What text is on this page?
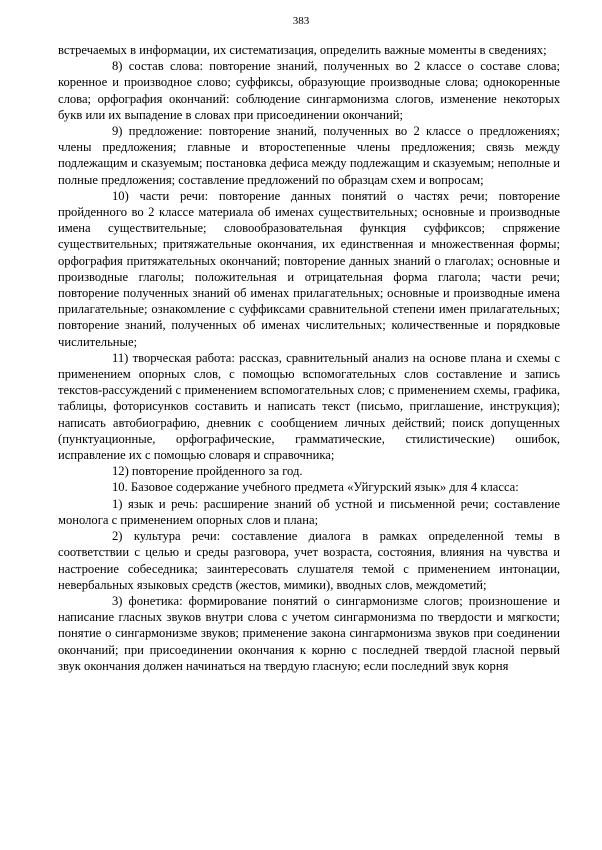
383

встречаемых в информации, их систематизация, определить важные моменты в сведениях;

8) состав слова: повторение знаний, полученных во 2 классе о составе слова; коренное и производное слово; суффиксы, образующие производные слова; однокоренные слова; орфография окончаний: соблюдение сингармонизма слогов, изменение некоторых букв или их выпадение в словах при присоединении окончаний;

9) предложение: повторение знаний, полученных во 2 классе о предложениях; члены предложения; главные и второстепенные члены предложения; связь между подлежащим и сказуемым; постановка дефиса между подлежащим и сказуемым; неполные и полные предложения; составление предложений по образцам схем и вопросам;

10) части речи: повторение данных понятий о частях речи; повторение пройденного во 2 классе материала об именах существительных; основные и производные имена существительные; словообразовательная функция суффиксов; спряжение существительных; притяжательные окончания, их единственная и множественная формы; орфография притяжательных окончаний; повторение данных знаний о глаголах; основные и производные глаголы; положительная и отрицательная форма глагола; части речи; повторение полученных знаний об именах прилагательных; основные и производные имена прилагательные; ознакомление с суффиксами сравнительной степени имен прилагательных; повторение знаний, полученных об именах числительных; количественные и порядковые числительные;

11) творческая работа: рассказ, сравнительный анализ на основе плана и схемы с применением опорных слов, с помощью вспомогательных слов составление и запись текстов-рассуждений с применением вспомогательных слов; с применением схемы, графика, таблицы, фоторисунков составить и написать текст (письмо, приглашение, инструкция); написать автобиографию, дневник с сообщением личных действий; поиск допущенных (пунктуационные, орфографические, грамматические, стилистические) ошибок, исправление их с помощью словаря и справочника;

12) повторение пройденного за год.

10. Базовое содержание учебного предмета «Уйгурский язык» для 4 класса:

1) язык и речь: расширение знаний об устной и письменной речи; составление монолога с применением опорных слов и плана;

2) культура речи: составление диалога в рамках определенной темы в соответствии с целью и среды разговора, учет возраста, состояния, влияния на чувства и настроение собеседника; заинтересовать слушателя темой с применением интонации, невербальных языковых средств (жестов, мимики), вводных слов, междометий;

3) фонетика: формирование понятий о сингармонизме слогов; произношение и написание гласных звуков внутри слова с учетом сингармонизма по твердости и мягкости; понятие о сингармонизме звуков; применение закона сингармонизма звуков при соединении окончаний; при присоединении окончания к корню с последней твердой гласной первый звук окончания должен начинаться на твердую гласную; если последний звук корня
